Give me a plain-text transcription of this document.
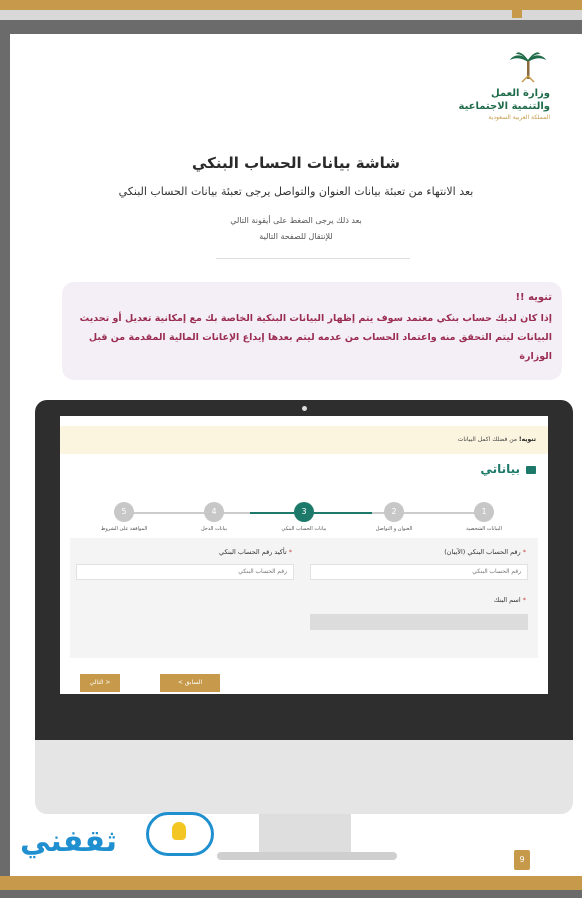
وزارة العمل
والتنمية الاجتماعية
المملكة العربية السعودية
شاشة بيانات الحساب البنكي
بعد الانتهاء من تعبئة بيانات العنوان والتواصل يرجى تعبئة بيانات الحساب البنكي
بعد ذلك يرجى الضغط على أيقونة التالي
للإنتقال للصفحة التالية
تنويه !!
إذا كان لديك حساب بنكي معتمد سوف يتم إظهار البيانات البنكية الخاصة بك مع إمكانية تعديل أو تحديث البيانات ليتم التحقق منه واعتماد الحساب من عدمه ليتم بعدها إيداع الإعانات المالية المقدمة من قبل الوزارة
تنويه! من فضلك اكمل البيانات
بياناتي
5
الموافقة على الشروط
4
بيانات الدخل
3
بيانات الحساب البنكي
2
العنوان و التواصل
1
البيانات الشخصية
* رقم الحساب البنكي (الآيبان)
رقم الحساب البنكي
* تأكيد رقم الحساب البنكي
رقم الحساب البنكي
* اسم البنك
التالي >	< السابق
ثقفني
9
